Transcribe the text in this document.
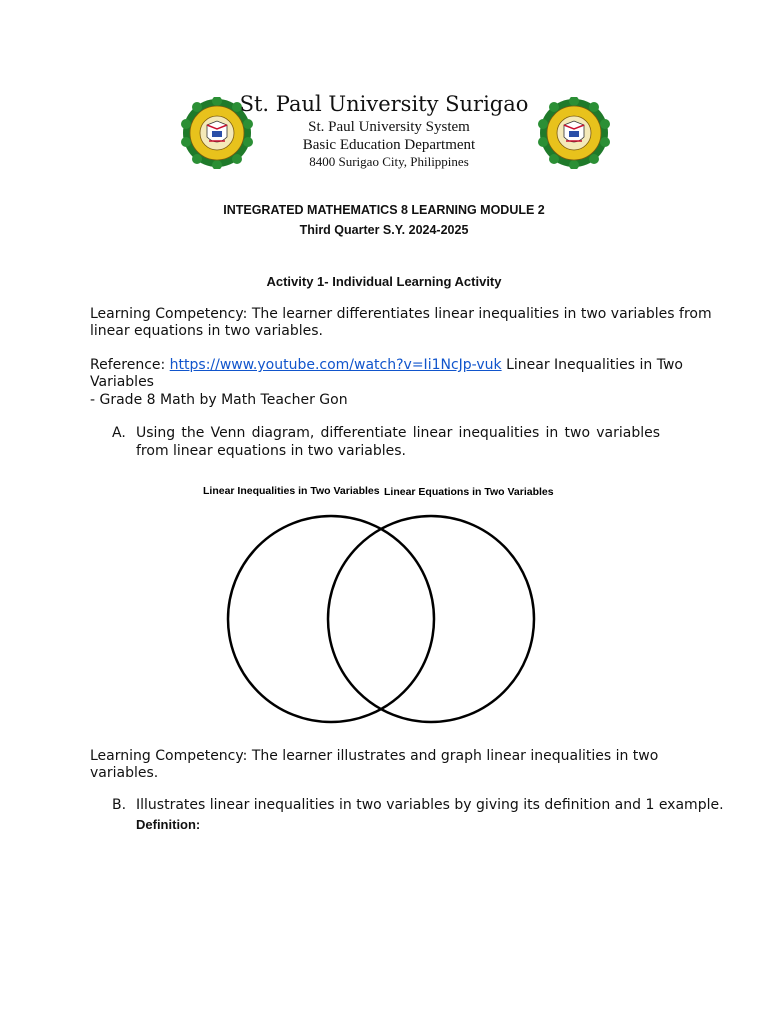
St. Paul University Surigao
St. Paul University System
Basic Education Department
8400 Surigao City, Philippines
INTEGRATED MATHEMATICS 8 LEARNING MODULE 2
Third Quarter S.Y. 2024-2025
Activity 1- Individual Learning Activity
Learning Competency: The learner differentiates linear inequalities in two variables from linear equations in two variables.
Reference: https://www.youtube.com/watch?v=Ii1NcJp-vuk Linear Inequalities in Two Variables
- Grade 8 Math by Math Teacher Gon
A. Using the Venn diagram, differentiate linear inequalities in two variables from linear equations in two variables.
Linear Inequalities in Two Variables Linear Equations in Two Variables
Learning Competency: The learner illustrates and graph linear inequalities in two variables.
B. Illustrates linear inequalities in two variables by giving its definition and 1 example.
Definition:
